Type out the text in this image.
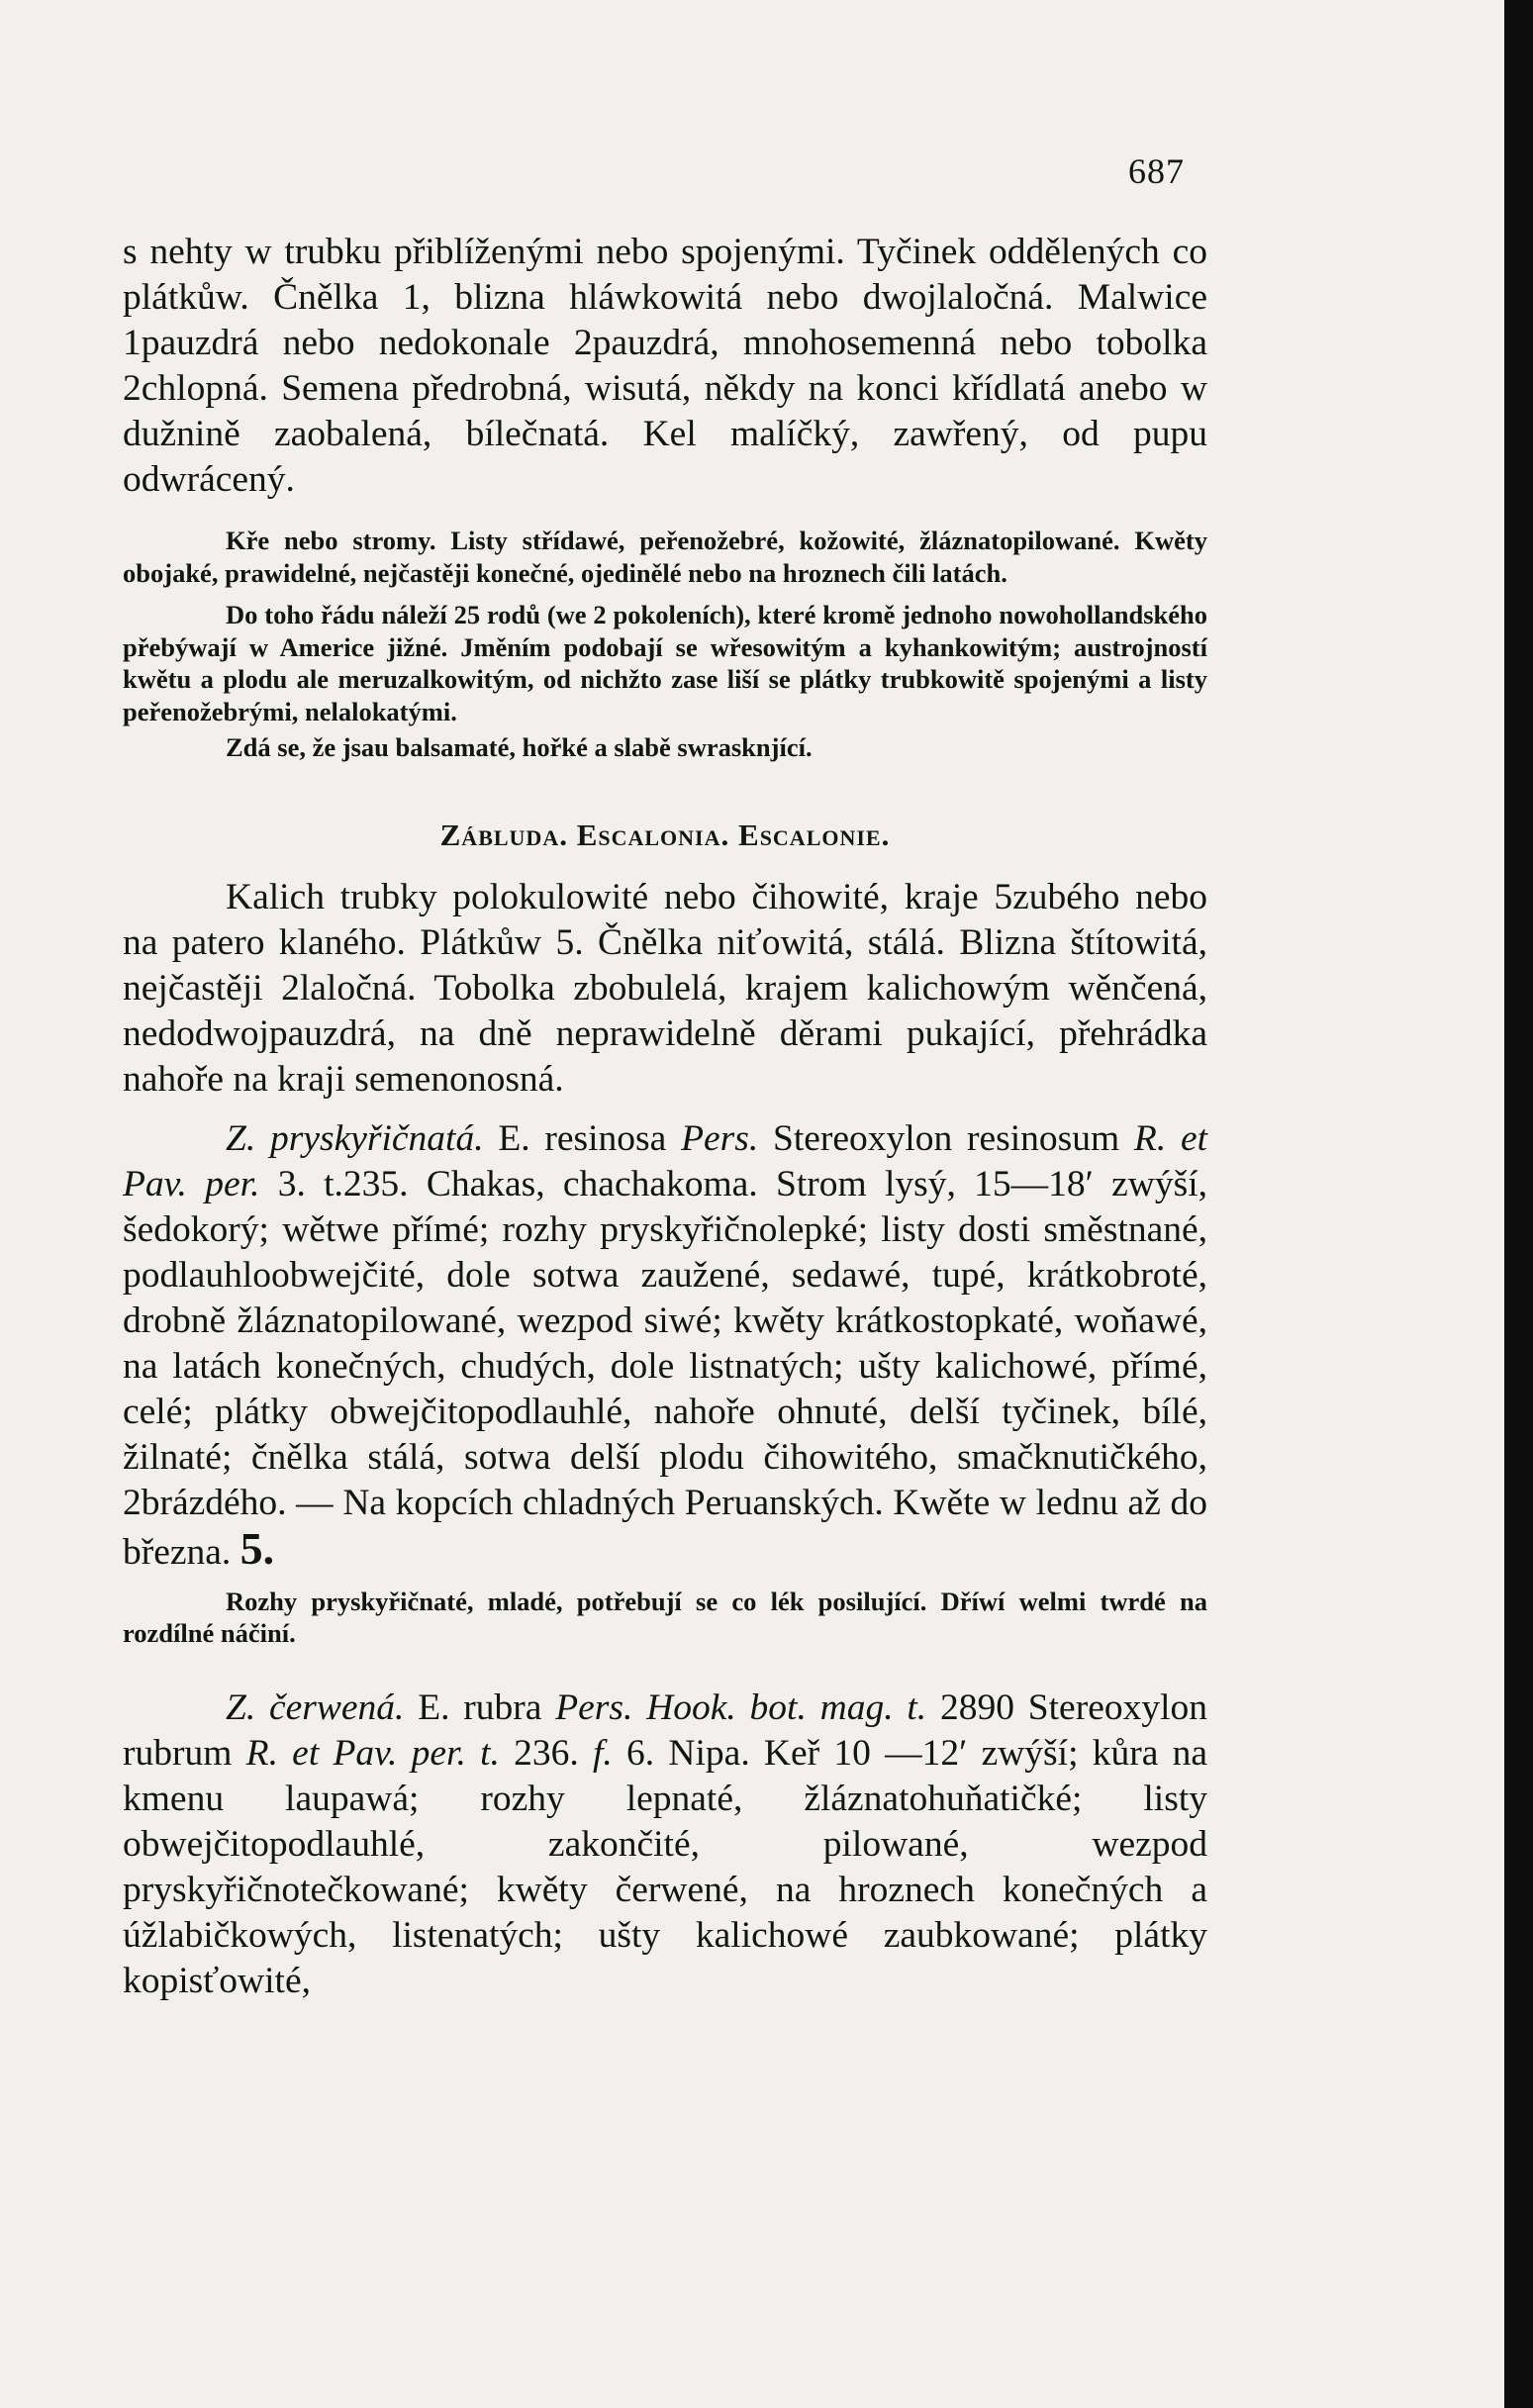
687

s nehty w trubku přiblíženými nebo spojenými. Tyčinek oddělených co plátkůw. Čnělka 1, blizna hláwkowitá nebo dwojlaločná. Malwice 1pauzdrá nebo nedokonale 2pauzdrá, mnohosemenná nebo tobolka 2chlopná. Semena předrobná, wisutá, někdy na konci křídlatá anebo w dužnině zaobalená, bílečnatá. Kel malíčký, zawřený, od pupu odwrácený.

Kře nebo stromy. Listy střídawé, peřenožebré, kožowité, žláznatopilowané. Kwěty obojaké, prawidelné, nejčastěji konečné, ojedinělé nebo na hroznech čili latách.

Do toho řádu náleží 25 rodů (we 2 pokoleních), které kromě jednoho nowohollandského přebýwají w Americe jižné. Jměním podobají se wřesowitým a kyhankowitým; austrojností kwětu a plodu ale meruzalkowitým, od nichžto zase liší se plátky trubkowitě spojenými a listy peřenožebrými, nelalokatými.

Zdá se, že jsau balsamaté, hořké a slabě swrasknjící.

Zábluda. Escalonia. Escalonie.

Kalich trubky polokulowité nebo čihowité, kraje 5zubého nebo na patero klaného. Plátkůw 5. Čnělka niťowitá, stálá. Blizna štítowitá, nejčastěji 2laločná. Tobolka zbobulelá, krajem kalichowým wěnčená, nedodwojpauzdrá, na dně neprawidelně děrami pukající, přehrádka nahoře na kraji semenonosná.

Z. pryskyřičnatá. E. resinosa Pers. Stereoxylon resinosum R. et Pav. per. 3. t.235. Chakas, chachakoma. Strom lysý, 15—18′ zwýší, šedokorý; wětwe přímé; rozhy pryskyřičnolepké; listy dosti směstnané, podlauhloobwejčité, dole sotwa zaužené, sedawé, tupé, krátkobroté, drobně žláznatopilowané, wezpod siwé; kwěty krátkostopkaté, woňawé, na latách konečných, chudých, dole listnatých; ušty kalichowé, přímé, celé; plátky obwejčitopodlauhlé, nahoře ohnuté, delší tyčinek, bílé, žilnaté; čnělka stálá, sotwa delší plodu čihowitého, smačknutičkého, 2brázdého. — Na kopcích chladných Peruanských. Kwěte w lednu až do března. 5.

Rozhy pryskyřičnaté, mladé, potřebují se co lék posilující. Dříwí welmi twrdé na rozdílné náčiní.

Z. čerwená. E. rubra Pers. Hook. bot. mag. t. 2890 Stereoxylon rubrum R. et Pav. per. t. 236. f. 6. Nipa. Keř 10 —12′ zwýší; kůra na kmenu laupawá; rozhy lepnaté, žláznatohuňatičké; listy obwejčitopodlauhlé, zakončité, pilowané, wezpod pryskyřičnotečkowané; kwěty čerwené, na hroznech konečných a úžlabičkowých, listenatých; ušty kalichowé zaubkowané; plátky kopisťowité,
